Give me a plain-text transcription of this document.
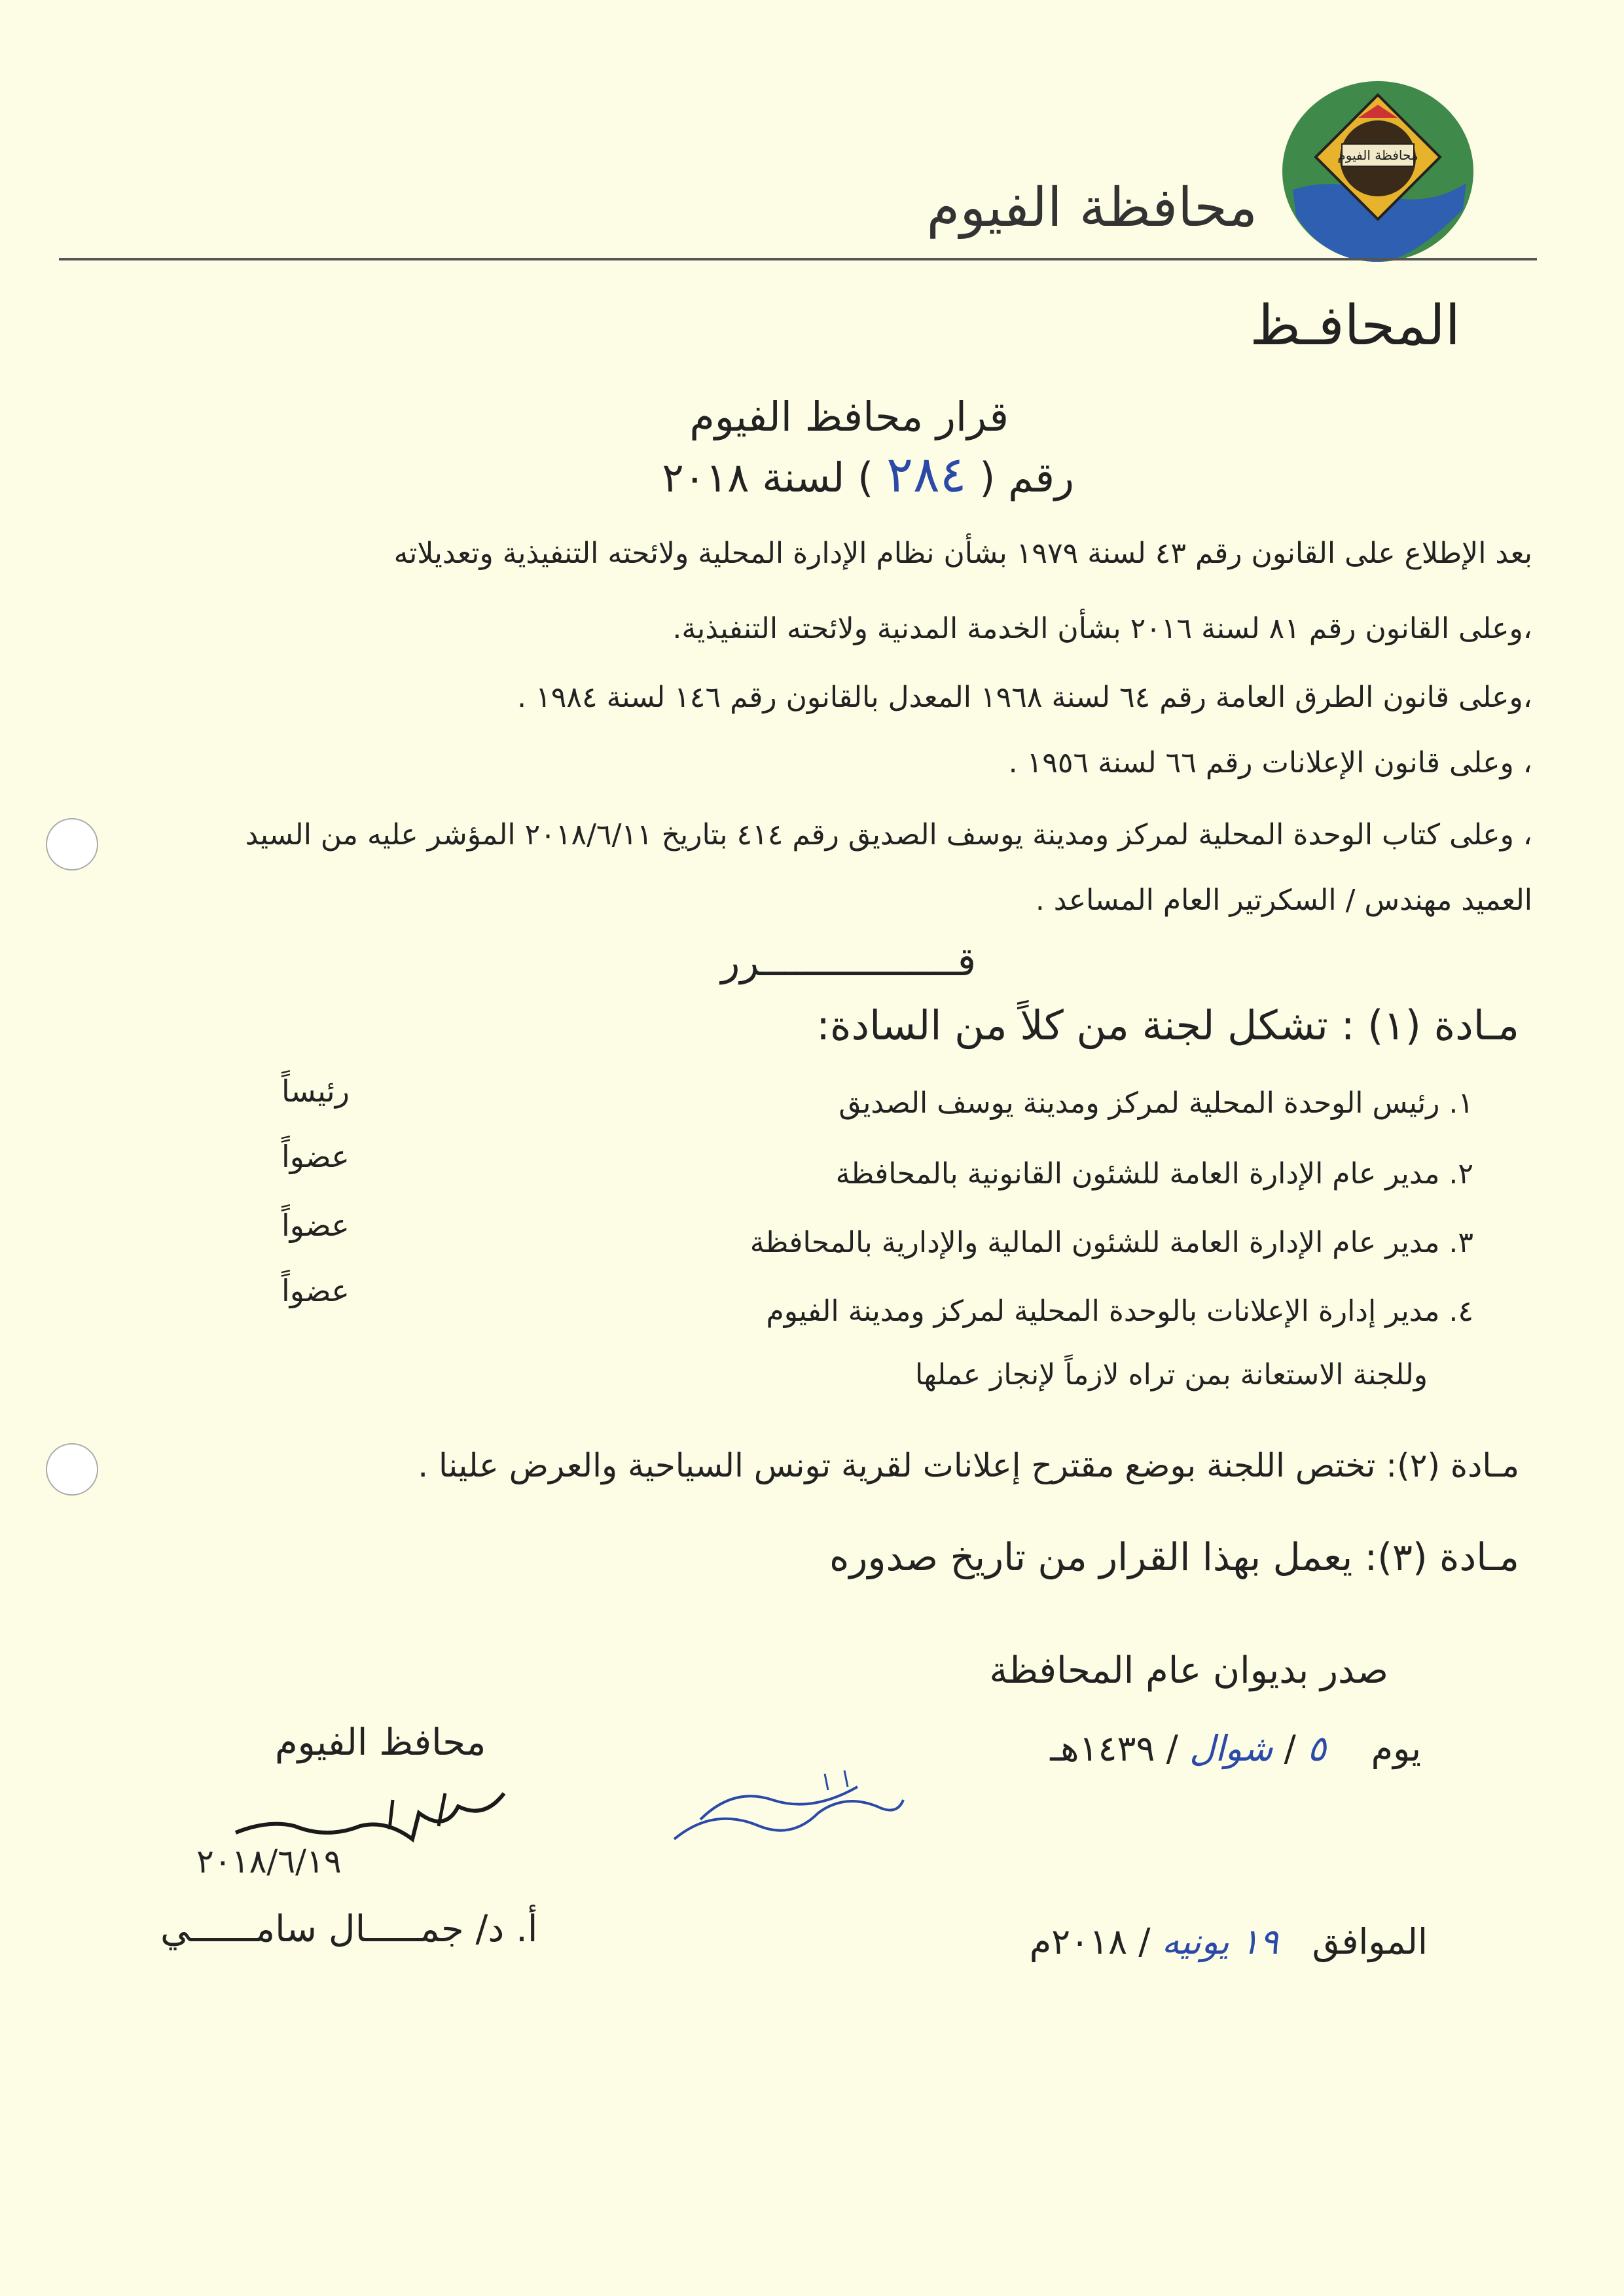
محافظة الفيوم
محافظة الفيوم
المحافـظ
قرار محافظ الفيوم
رقم ( ٢٨٤ ) لسنة ٢٠١٨
بعد الإطلاع على القانون رقم ٤٣ لسنة ١٩٧٩ بشأن نظام الإدارة المحلية ولائحته التنفيذية وتعديلاته
،وعلى القانون رقم ٨١ لسنة ٢٠١٦ بشأن الخدمة المدنية ولائحته التنفيذية.
،وعلى قانون الطرق العامة رقم ٦٤ لسنة ١٩٦٨ المعدل بالقانون رقم ١٤٦ لسنة ١٩٨٤ .
، وعلى قانون الإعلانات رقم ٦٦ لسنة ١٩٥٦ .
، وعلى كتاب الوحدة المحلية لمركز ومدينة يوسف الصديق رقم ٤١٤ بتاريخ ٢٠١٨/٦/١١ المؤشر عليه من السيد
العميد مهندس / السكرتير العام المساعد .
قـــــــــــــــــرر
مـادة (١) : تشكل لجنة من كلاً من السادة:
١. رئيس الوحدة المحلية لمركز ومدينة يوسف الصديق
رئيساً
٢. مدير عام الإدارة العامة للشئون القانونية بالمحافظة
عضواً
٣. مدير عام الإدارة العامة للشئون المالية والإدارية بالمحافظة
عضواً
٤. مدير إدارة الإعلانات بالوحدة المحلية لمركز ومدينة الفيوم
عضواً
وللجنة الاستعانة بمن تراه لازماً لإنجاز عملها
مـادة (٢): تختص اللجنة بوضع مقترح إعلانات لقرية تونس السياحية والعرض علينا .
مـادة (٣): يعمل بهذا القرار من تاريخ صدوره
صدر بديوان عام المحافظة
يوم    ٥ / شوال / ١٤٣٩هـ
الموافق   ١٩ يونيه / ٢٠١٨م
محافظ الفيوم
٢٠١٨/٦/١٩
أ. د/ جمـــــال سامــــــي
